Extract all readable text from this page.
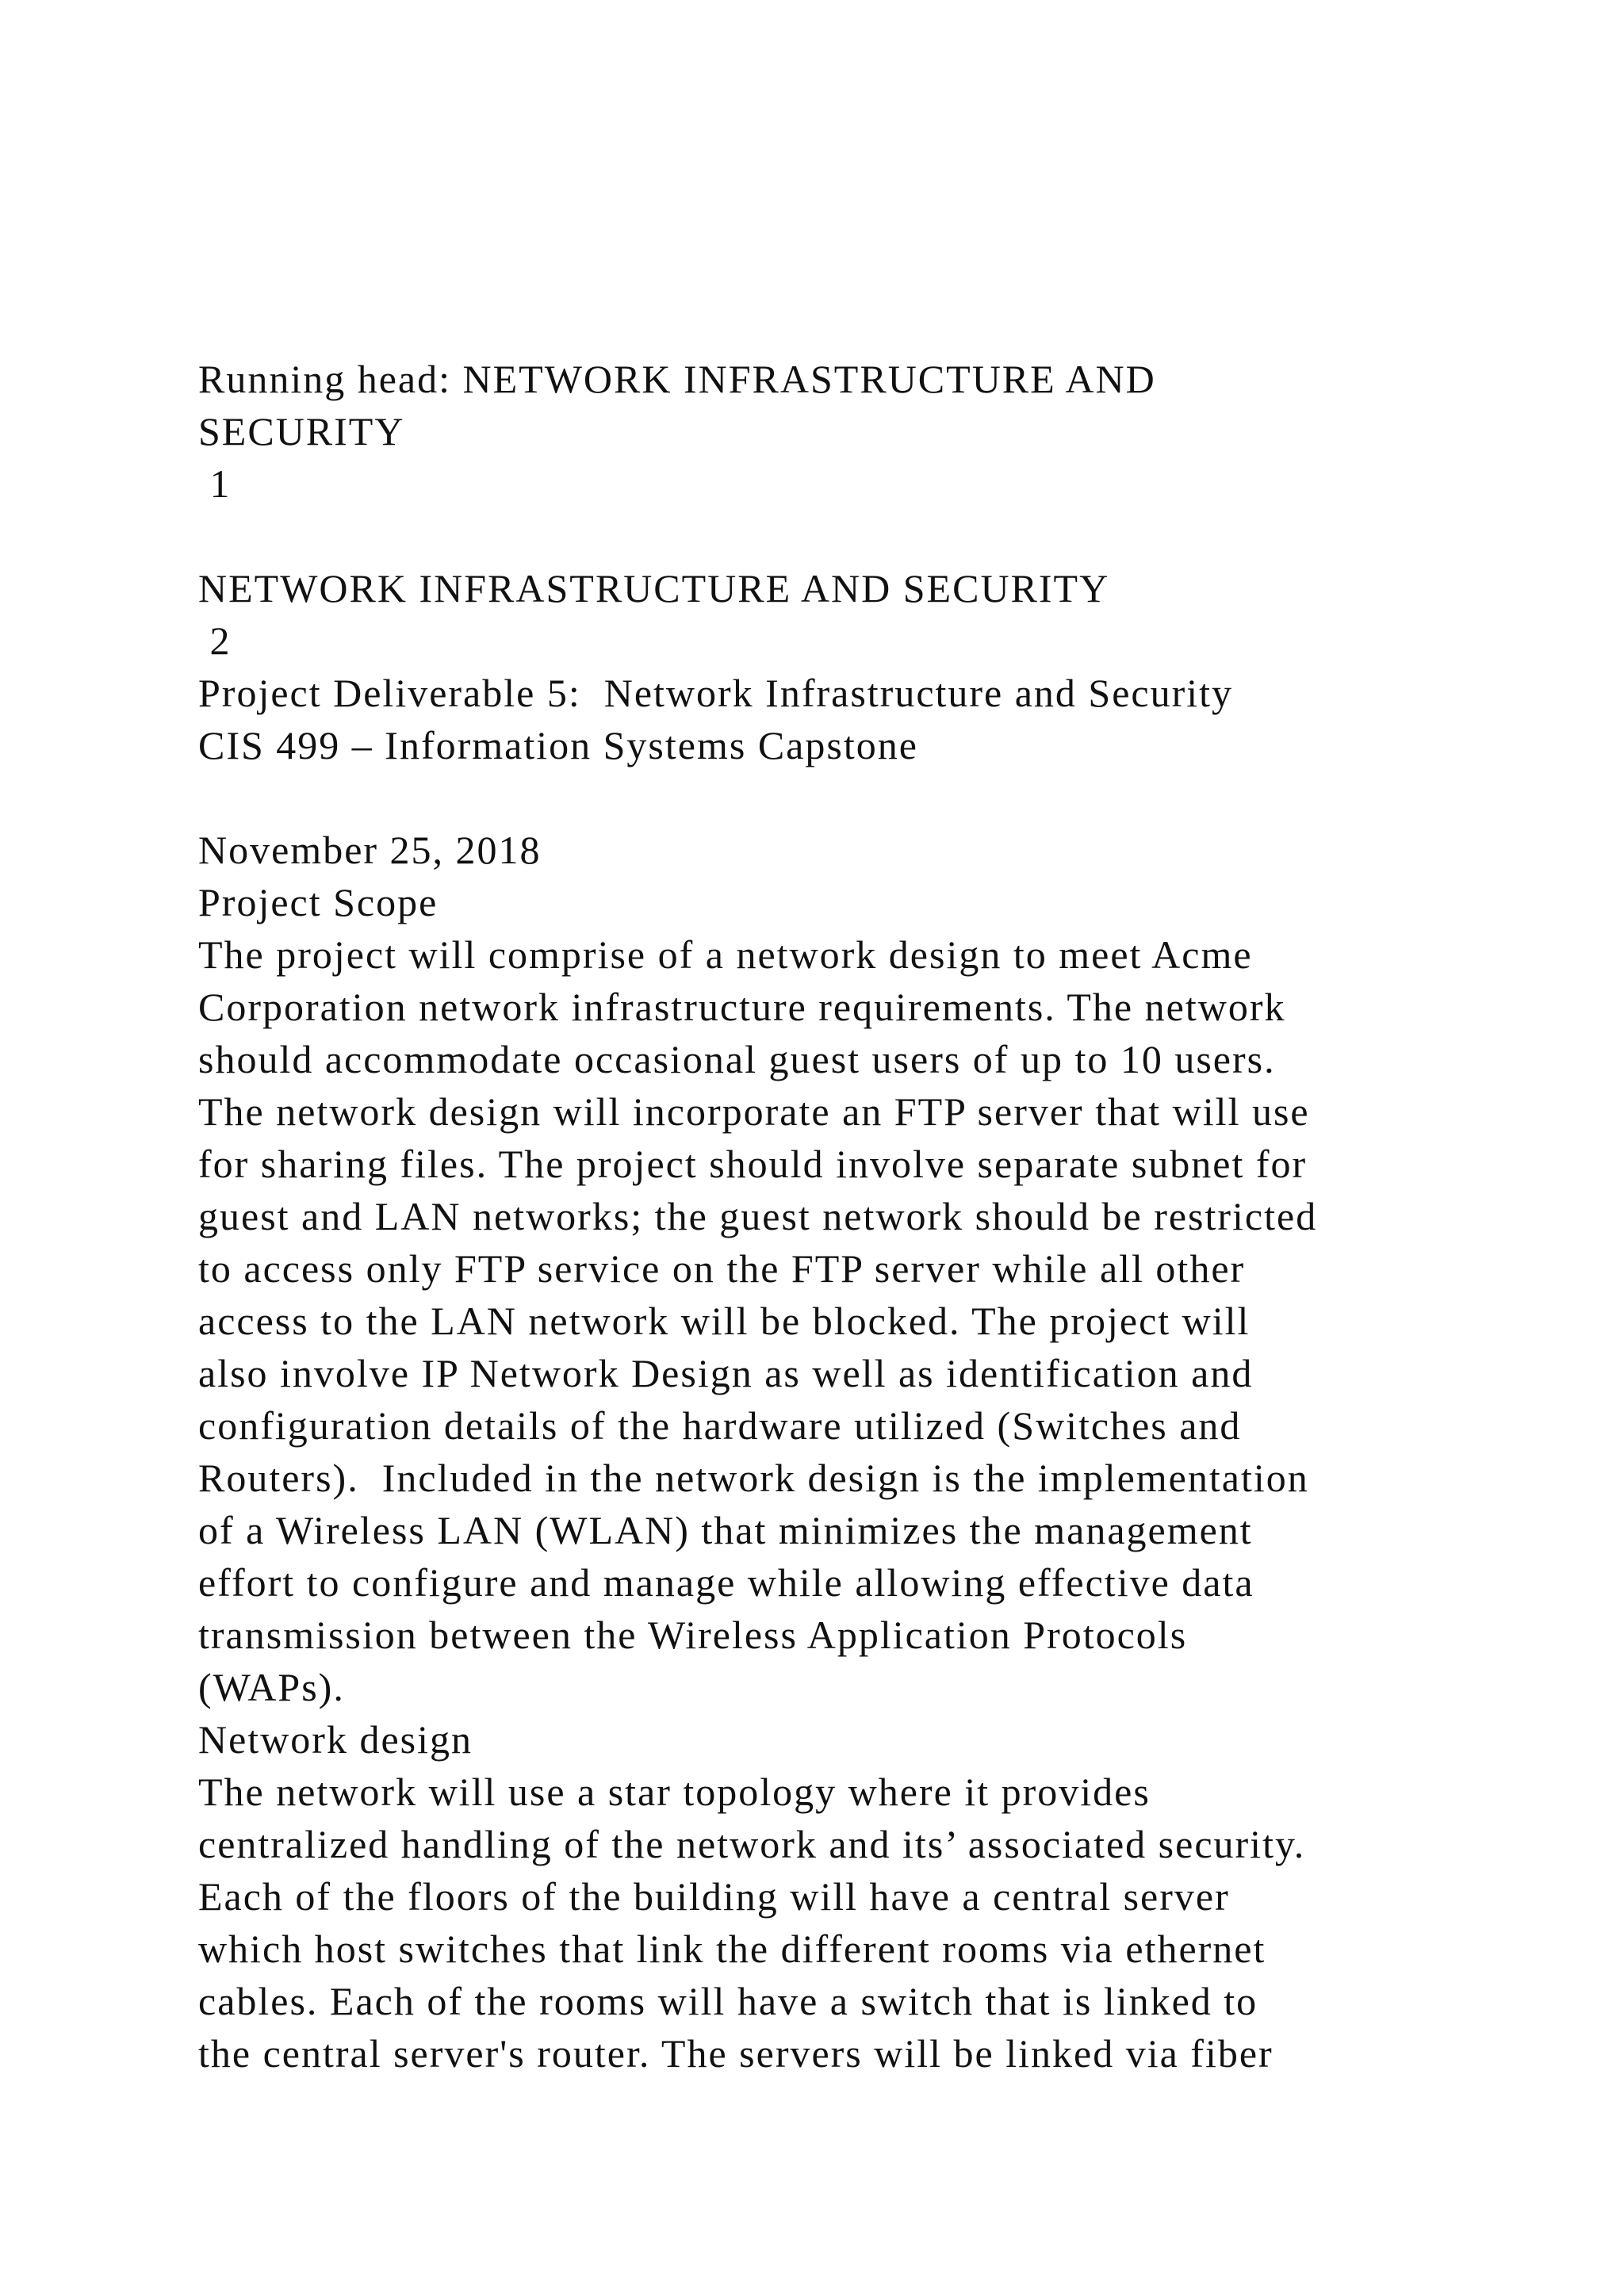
Running head: NETWORK INFRASTRUCTURE AND
SECURITY
1
NETWORK INFRASTRUCTURE AND SECURITY
2
Project Deliverable 5:  Network Infrastructure and Security
CIS 499 – Information Systems Capstone
November 25, 2018
Project Scope
The project will comprise of a network design to meet Acme
Corporation network infrastructure requirements. The network
should accommodate occasional guest users of up to 10 users.
The network design will incorporate an FTP server that will use
for sharing files. The project should involve separate subnet for
guest and LAN networks; the guest network should be restricted
to access only FTP service on the FTP server while all other
access to the LAN network will be blocked. The project will
also involve IP Network Design as well as identification and
configuration details of the hardware utilized (Switches and
Routers).  Included in the network design is the implementation
of a Wireless LAN (WLAN) that minimizes the management
effort to configure and manage while allowing effective data
transmission between the Wireless Application Protocols
(WAPs).
Network design
The network will use a star topology where it provides
centralized handling of the network and its’ associated security.
Each of the floors of the building will have a central server
which host switches that link the different rooms via ethernet
cables. Each of the rooms will have a switch that is linked to
the central server's router. The servers will be linked via fiber
